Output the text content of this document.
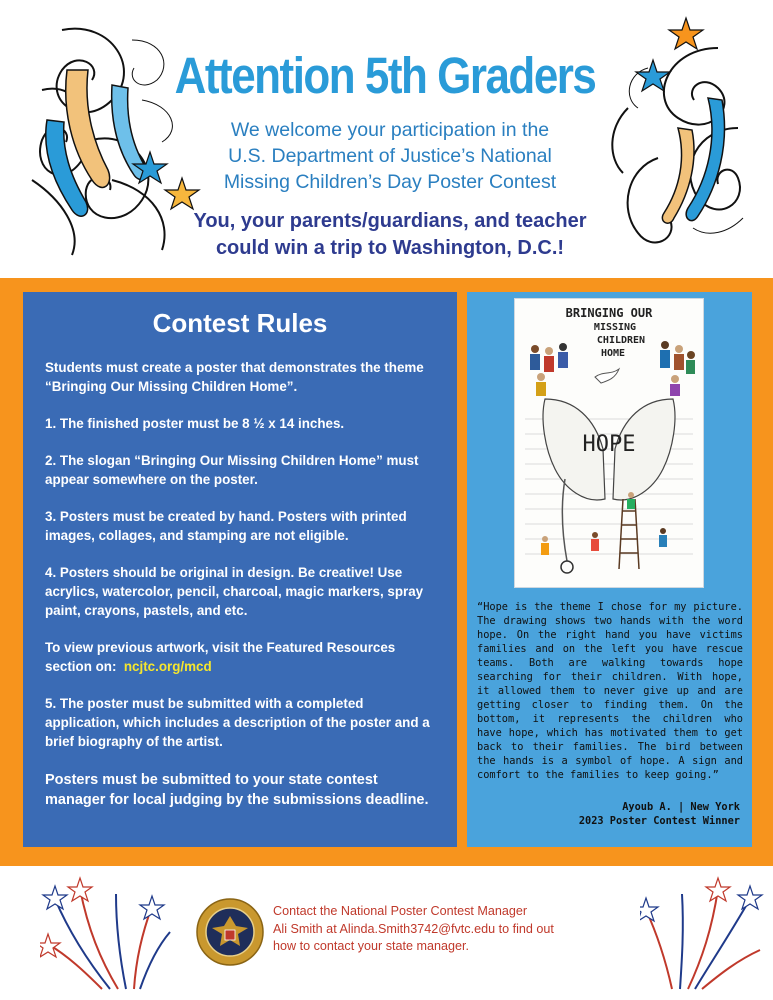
Attention 5th Graders
We welcome your participation in the
U.S. Department of Justice’s National
Missing Children’s Day Poster Contest
You, your parents/guardians, and teacher
could win a trip to Washington, D.C.!
Contest Rules

Students must create a poster that demonstrates the theme “Bringing Our Missing Children Home”.

1. The finished poster must be 8 ½ x 14 inches.

2. The slogan “Bringing Our Missing Children Home” must appear somewhere on the poster.

3. Posters must be created by hand. Posters with printed images, collages, and stamping are not eligible.

4. Posters should be original in design. Be creative! Use acrylics, watercolor, pencil, charcoal, magic markers, spray paint, crayons, pastels, and etc.

To view previous artwork, visit the Featured Resources section on: ncjtc.org/mcd

5. The poster must be submitted with a completed application, which includes a description of the poster and a brief biography of the artist.

Posters must be submitted to your state contest manager for local judging by the submissions deadline.

BRINGING OUR
MISSING
CHILDREN
HOME
HOPE

“Hope is the theme I chose for my picture. The drawing shows two hands with the word hope. On the right hand you have victims families and on the left you have rescue teams. Both are walking towards hope searching for their children. With hope, it allowed them to never give up and are getting closer to finding them. On the bottom, it represents the children who have hope, which has motivated them to get back to their families. The bird between the hands is a symbol of hope. A sign and comfort to the families to keep going.”

Ayoub A. | New York
2023 Poster Contest Winner
Contact the National Poster Contest Manager
Ali Smith at Alinda.Smith3742@fvtc.edu to find out
how to contact your state manager.
